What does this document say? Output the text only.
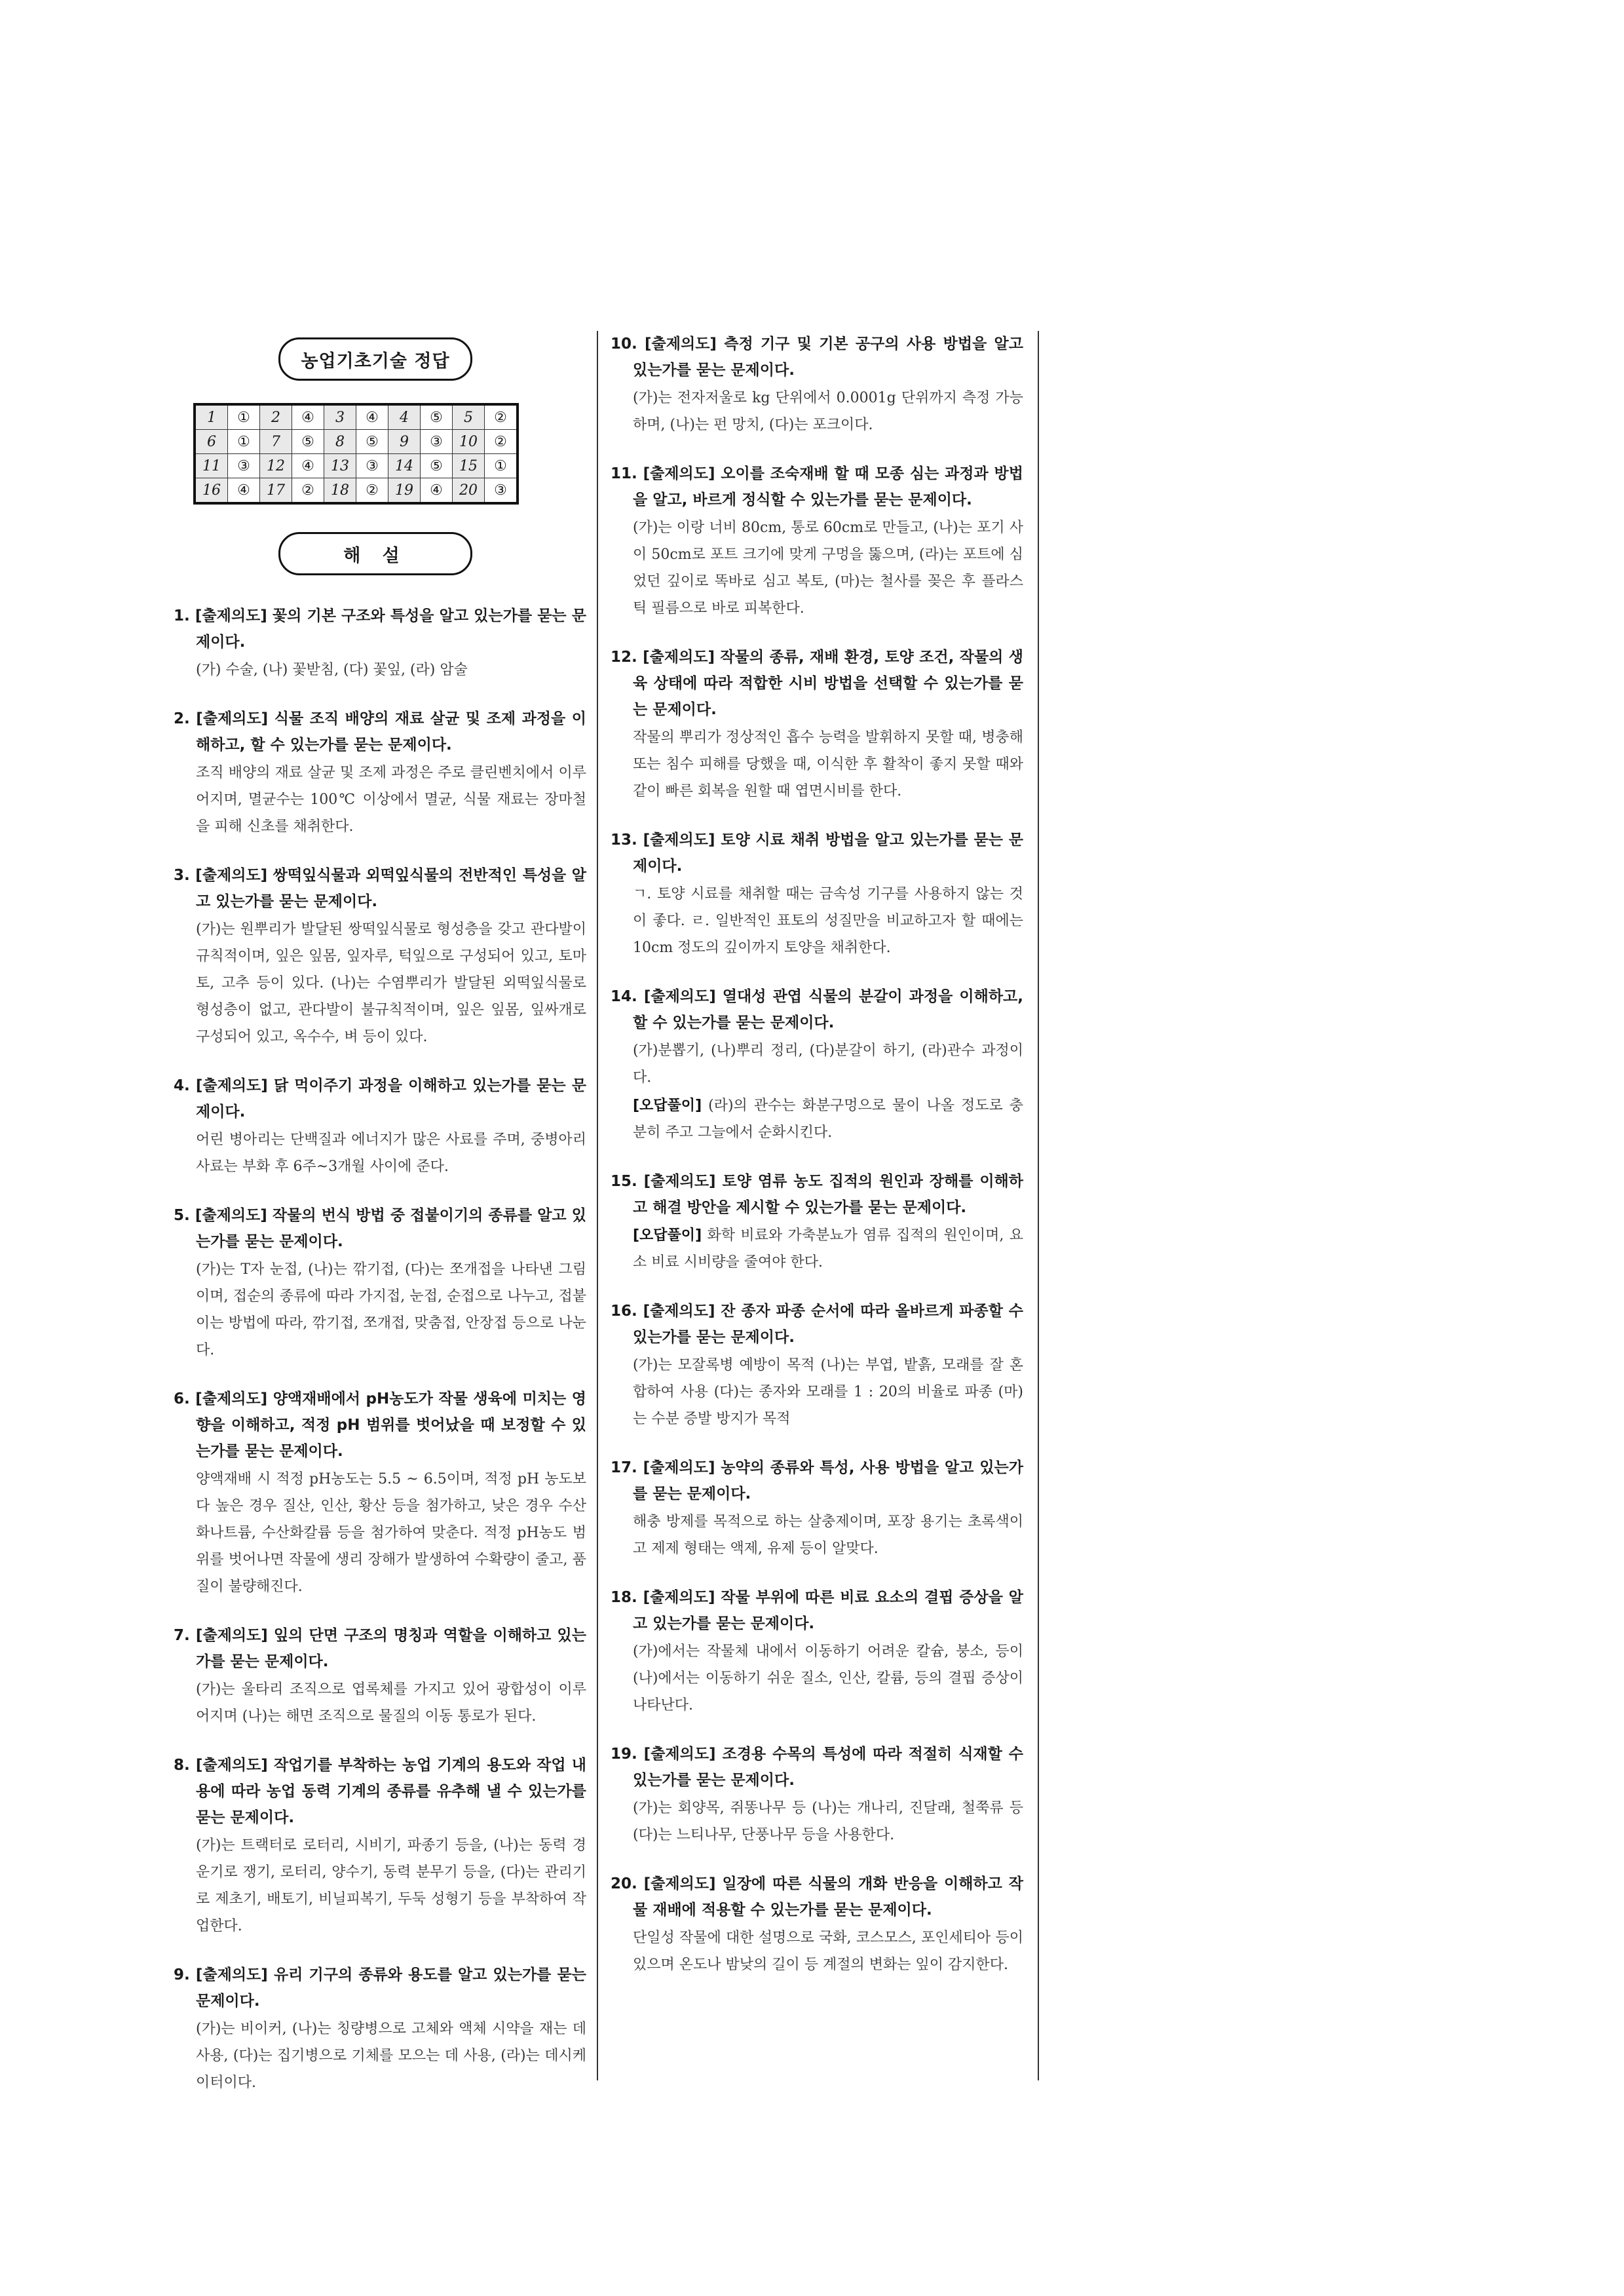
농업기초기술 정답
1	①	2	④	3	④	4	⑤	5	②
6	①	7	⑤	8	⑤	9	③	10	②
11	③	12	④	13	③	14	⑤	15	①
16	④	17	②	18	②	19	④	20	③
해 설
1. [출제의도] 꽃의 기본 구조와 특성을 알고 있는가를 묻는 문제이다.
(가) 수술, (나) 꽃받침, (다) 꽃잎, (라) 암술
2. [출제의도] 식물 조직 배양의 재료 살균 및 조제 과정을 이해하고, 할 수 있는가를 묻는 문제이다.
조직 배양의 재료 살균 및 조제 과정은 주로 클린벤치에서 이루어지며, 멸균수는 100℃ 이상에서 멸균, 식물 재료는 장마철을 피해 신초를 채취한다.
3. [출제의도] 쌍떡잎식물과 외떡잎식물의 전반적인 특성을 알고 있는가를 묻는 문제이다.
(가)는 원뿌리가 발달된 쌍떡잎식물로 형성층을 갖고 관다발이 규칙적이며, 잎은 잎몸, 잎자루, 턱잎으로 구성되어 있고, 토마토, 고추 등이 있다. (나)는 수염뿌리가 발달된 외떡잎식물로 형성층이 없고, 관다발이 불규칙적이며, 잎은 잎몸, 잎싸개로 구성되어 있고, 옥수수, 벼 등이 있다.
4. [출제의도] 닭 먹이주기 과정을 이해하고 있는가를 묻는 문제이다.
어린 병아리는 단백질과 에너지가 많은 사료를 주며, 중병아리 사료는 부화 후 6주~3개월 사이에 준다.
5. [출제의도] 작물의 번식 방법 중 접붙이기의 종류를 알고 있는가를 묻는 문제이다.
(가)는 T자 눈접, (나)는 깎기접, (다)는 쪼개접을 나타낸 그림이며, 접순의 종류에 따라 가지접, 눈접, 순접으로 나누고, 접붙이는 방법에 따라, 깎기접, 쪼개접, 맞춤접, 안장접 등으로 나눈다.
6. [출제의도] 양액재배에서 pH농도가 작물 생육에 미치는 영향을 이해하고, 적정 pH 범위를 벗어났을 때 보정할 수 있는가를 묻는 문제이다.
양액재배 시 적정 pH농도는 5.5 ~ 6.5이며, 적정 pH 농도보다 높은 경우 질산, 인산, 황산 등을 첨가하고, 낮은 경우 수산화나트륨, 수산화칼륨 등을 첨가하여 맞춘다. 적정 pH농도 범위를 벗어나면 작물에 생리 장해가 발생하여 수확량이 줄고, 품질이 불량해진다.
7. [출제의도] 잎의 단면 구조의 명칭과 역할을 이해하고 있는가를 묻는 문제이다.
(가)는 울타리 조직으로 엽록체를 가지고 있어 광합성이 이루어지며 (나)는 해면 조직으로 물질의 이동 통로가 된다.
8. [출제의도] 작업기를 부착하는 농업 기계의 용도와 작업 내용에 따라 농업 동력 기계의 종류를 유추해 낼 수 있는가를 묻는 문제이다.
(가)는 트랙터로 로터리, 시비기, 파종기 등을, (나)는 동력 경운기로 쟁기, 로터리, 양수기, 동력 분무기 등을, (다)는 관리기로 제초기, 배토기, 비닐피복기, 두둑 성형기 등을 부착하여 작업한다.
9. [출제의도] 유리 기구의 종류와 용도를 알고 있는가를 묻는 문제이다.
(가)는 비이커, (나)는 칭량병으로 고체와 액체 시약을 재는 데 사용, (다)는 집기병으로 기체를 모으는 데 사용, (라)는 데시케이터이다.
10. [출제의도] 측정 기구 및 기본 공구의 사용 방법을 알고 있는가를 묻는 문제이다.
(가)는 전자저울로 kg 단위에서 0.0001g 단위까지 측정 가능하며, (나)는 펀 망치, (다)는 포크이다.
11. [출제의도] 오이를 조숙재배 할 때 모종 심는 과정과 방법을 알고, 바르게 정식할 수 있는가를 묻는 문제이다.
(가)는 이랑 너비 80cm, 통로 60cm로 만들고, (나)는 포기 사이 50cm로 포트 크기에 맞게 구멍을 뚫으며, (라)는 포트에 심었던 깊이로 똑바로 심고 복토, (마)는 철사를 꽂은 후 플라스틱 필름으로 바로 피복한다.
12. [출제의도] 작물의 종류, 재배 환경, 토양 조건, 작물의 생육 상태에 따라 적합한 시비 방법을 선택할 수 있는가를 묻는 문제이다.
작물의 뿌리가 정상적인 흡수 능력을 발휘하지 못할 때, 병충해 또는 침수 피해를 당했을 때, 이식한 후 활착이 좋지 못할 때와 같이 빠른 회복을 원할 때 엽면시비를 한다.
13. [출제의도] 토양 시료 채취 방법을 알고 있는가를 묻는 문제이다.
ㄱ. 토양 시료를 채취할 때는 금속성 기구를 사용하지 않는 것이 좋다. ㄹ. 일반적인 표토의 성질만을 비교하고자 할 때에는 10cm 정도의 깊이까지 토양을 채취한다.
14. [출제의도] 열대성 관엽 식물의 분갈이 과정을 이해하고, 할 수 있는가를 묻는 문제이다.
(가)분뽑기, (나)뿌리 정리, (다)분갈이 하기, (라)관수 과정이다.
[오답풀이] (라)의 관수는 화분구멍으로 물이 나올 정도로 충분히 주고 그늘에서 순화시킨다.
15. [출제의도] 토양 염류 농도 집적의 원인과 장해를 이해하고 해결 방안을 제시할 수 있는가를 묻는 문제이다.
[오답풀이] 화학 비료와 가축분뇨가 염류 집적의 원인이며, 요소 비료 시비량을 줄여야 한다.
16. [출제의도] 잔 종자 파종 순서에 따라 올바르게 파종할 수 있는가를 묻는 문제이다.
(가)는 모잘록병 예방이 목적 (나)는 부엽, 밭흙, 모래를 잘 혼합하여 사용 (다)는 종자와 모래를 1 : 20의 비율로 파종 (마)는 수분 증발 방지가 목적
17. [출제의도] 농약의 종류와 특성, 사용 방법을 알고 있는가를 묻는 문제이다.
해충 방제를 목적으로 하는 살충제이며, 포장 용기는 초록색이고 제제 형태는 액제, 유제 등이 알맞다.
18. [출제의도] 작물 부위에 따른 비료 요소의 결핍 증상을 알고 있는가를 묻는 문제이다.
(가)에서는 작물체 내에서 이동하기 어려운 칼슘, 붕소, 등이 (나)에서는 이동하기 쉬운 질소, 인산, 칼륨, 등의 결핍 증상이 나타난다.
19. [출제의도] 조경용 수목의 특성에 따라 적절히 식재할 수 있는가를 묻는 문제이다.
(가)는 회양목, 쥐똥나무 등 (나)는 개나리, 진달래, 철쭉류 등 (다)는 느티나무, 단풍나무 등을 사용한다.
20. [출제의도] 일장에 따른 식물의 개화 반응을 이해하고 작물 재배에 적용할 수 있는가를 묻는 문제이다.
단일성 작물에 대한 설명으로 국화, 코스모스, 포인세티아 등이 있으며 온도나 밤낮의 길이 등 계절의 변화는 잎이 감지한다.
